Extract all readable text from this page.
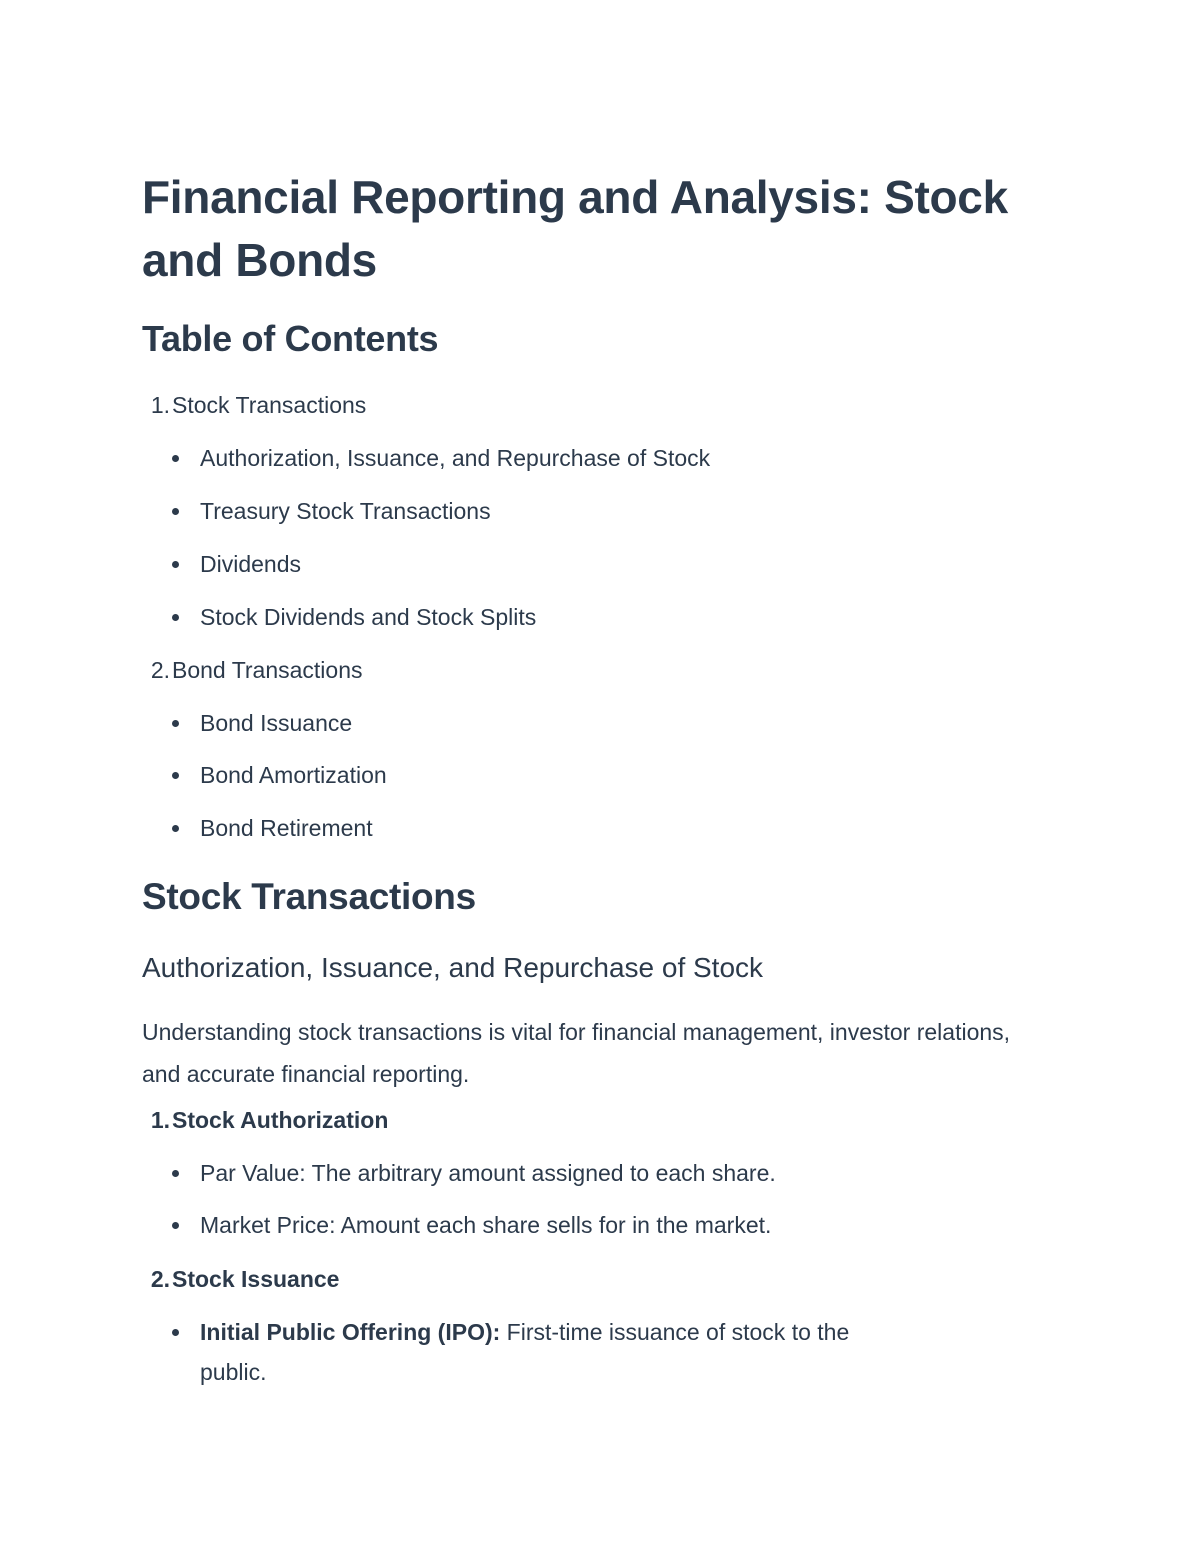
Financial Reporting and Analysis: Stock and Bonds
Table of Contents
1.Stock Transactions
Authorization, Issuance, and Repurchase of Stock
Treasury Stock Transactions
Dividends
Stock Dividends and Stock Splits
2.Bond Transactions
Bond Issuance
Bond Amortization
Bond Retirement
Stock Transactions
Authorization, Issuance, and Repurchase of Stock

Understanding stock transactions is vital for financial management, investor relations, and accurate financial reporting.

1.Stock Authorization
Par Value: The arbitrary amount assigned to each share.
Market Price: Amount each share sells for in the market.
2.Stock Issuance
Initial Public Offering (IPO): First-time issuance of stock to the
public.
